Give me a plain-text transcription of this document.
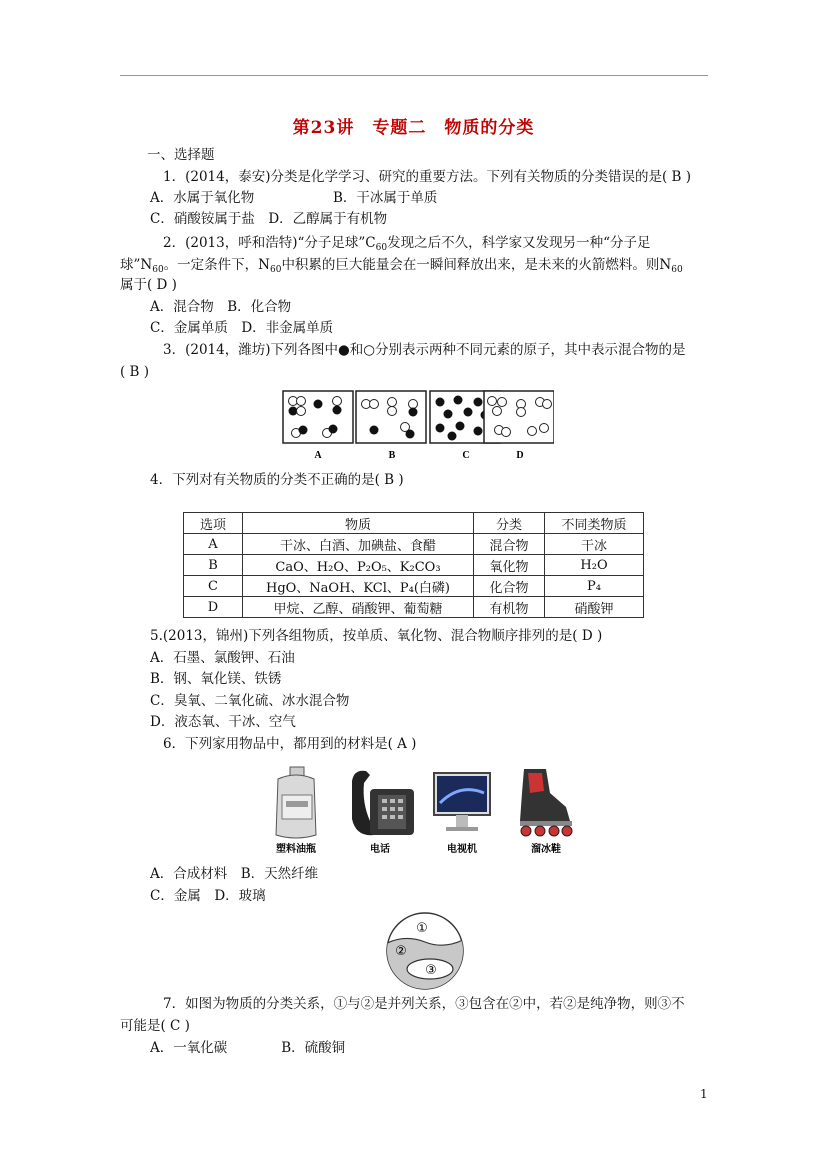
第23讲　专题二　物质的分类
一、选择题
1．(2014，泰安)分类是化学学习、研究的重要方法。下列有关物质的分类错误的是( B )
A．水属于氧化物	B．干冰属于单质
C．硝酸铵属于盐　D．乙醇属于有机物
2．(2013，呼和浩特)“分子足球$”C_{60}$发现之后不久，科学家又发现另一种“分子足
球$”N_{60}$。一定条件下，$N_{60}$中积累的巨大能量会在一瞬间释放出来，是未来的火箭燃料。则$N_{60}$
属于( D )
A．混合物　B．化合物
C．金属单质　D．非金属单质
3．(2014，潍坊)下列各图中●和○分别表示两种不同元素的原子，其中表示混合物的是
( B )
A	B	C	D
4．下列对有关物质的分类不正确的是( B )
选项	物质	分类	不同类物质
A	干冰、白酒、加碘盐、食醋	混合物	干冰
B	CaO、H₂O、P₂O₅、K₂CO₃	氧化物	H₂O
C	HgO、NaOH、KCl、P₄(白磷)	化合物	P₄
D	甲烷、乙醇、硝酸钾、葡萄糖	有机物	硝酸钾
5.(2013，锦州)下列各组物质，按单质、氧化物、混合物顺序排列的是( D )
A．石墨、氯酸钾、石油
B．钢、氧化镁、铁锈
C．臭氧、二氧化硫、冰水混合物
D．液态氧、干冰、空气
6．下列家用物品中，都用到的材料是( A )
塑料油瓶	电话	电视机	溜冰鞋
A．合成材料　B．天然纤维
C．金属　D．玻璃
①
②
③
7．如图为物质的分类关系，①与②是并列关系，③包含在②中，若②是纯净物，则③不
可能是( C )
A．一氧化碳　　　　B．硫酸铜
1
